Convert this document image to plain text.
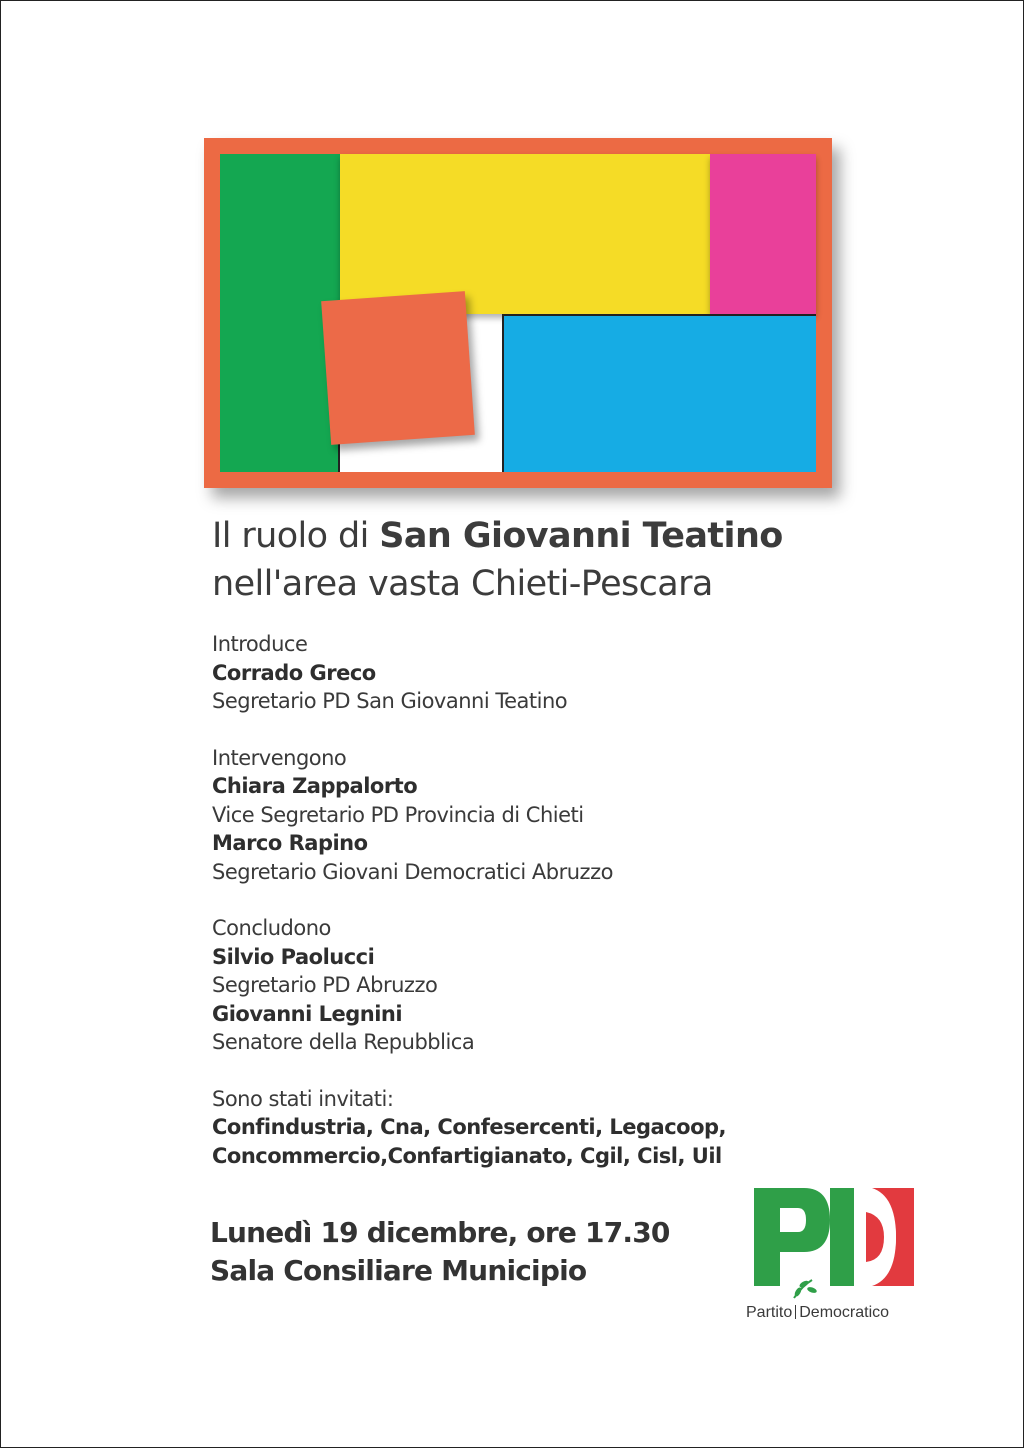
Il ruolo di San Giovanni Teatino
nell'area vasta Chieti-Pescara
Introduce
Corrado Greco
Segretario PD San Giovanni Teatino
Intervengono
Chiara Zappalorto
Vice Segretario PD Provincia di Chieti
Marco Rapino
Segretario Giovani Democratici Abruzzo
Concludono
Silvio Paolucci
Segretario PD Abruzzo
Giovanni Legnini
Senatore della Repubblica
Sono stati invitati:
Confindustria, Cna, Confesercenti, Legacoop,
Concommercio,Confartigianato, Cgil, Cisl, Uil
Lunedì 19 dicembre, ore 17.30
Sala Consiliare Municipio
Partito Democratico
